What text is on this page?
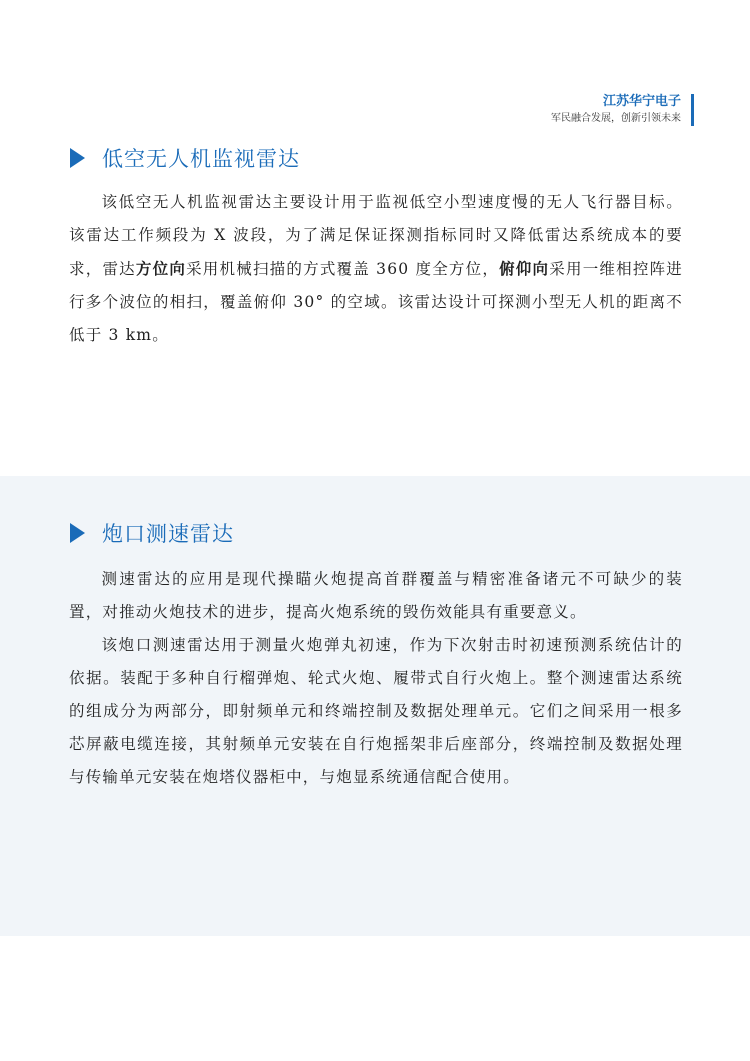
江苏华宁电子
军民融合发展，创新引领未来
低空无人机监视雷达

该低空无人机监视雷达主要设计用于监视低空小型速度慢的无人飞行器目标。该雷达工作频段为 X 波段，为了满足保证探测指标同时又降低雷达系统成本的要求，雷达方位向采用机械扫描的方式覆盖 360 度全方位，俯仰向采用一维相控阵进行多个波位的相扫，覆盖俯仰 30° 的空域。该雷达设计可探测小型无人机的距离不低于 3 km。

炮口测速雷达

测速雷达的应用是现代操瞄火炮提高首群覆盖与精密准备诸元不可缺少的装置，对推动火炮技术的进步，提高火炮系统的毁伤效能具有重要意义。

该炮口测速雷达用于测量火炮弹丸初速，作为下次射击时初速预测系统估计的依据。装配于多种自行榴弹炮、轮式火炮、履带式自行火炮上。整个测速雷达系统的组成分为两部分，即射频单元和终端控制及数据处理单元。它们之间采用一根多芯屏蔽电缆连接，其射频单元安装在自行炮摇架非后座部分，终端控制及数据处理与传输单元安装在炮塔仪器柜中，与炮显系统通信配合使用。
